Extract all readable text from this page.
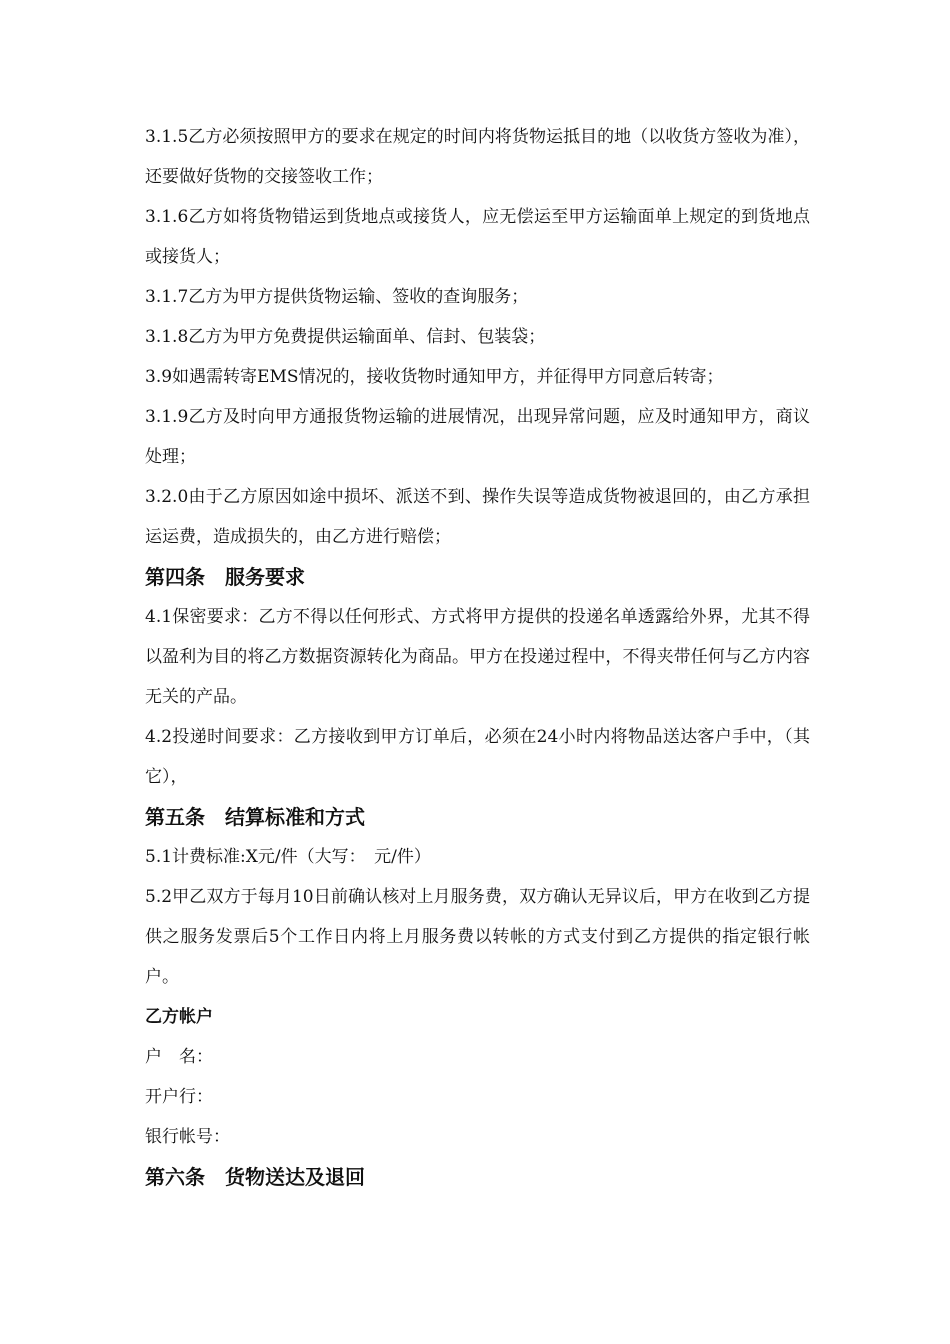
3.1.5乙方必须按照甲方的要求在规定的时间内将货物运抵目的地（以收货方签收为准），还要做好货物的交接签收工作；

3.1.6乙方如将货物错运到货地点或接货人，应无偿运至甲方运输面单上规定的到货地点或接货人；

3.1.7乙方为甲方提供货物运输、签收的查询服务；

3.1.8乙方为甲方免费提供运输面单、信封、包装袋；

3.9如遇需转寄EMS情况的，接收货物时通知甲方，并征得甲方同意后转寄；

3.1.9乙方及时向甲方通报货物运输的进展情况，出现异常问题，应及时通知甲方，商议处理；

3.2.0由于乙方原因如途中损坏、派送不到、操作失误等造成货物被退回的，由乙方承担运运费，造成损失的，由乙方进行赔偿；

第四条　服务要求

4.1保密要求：乙方不得以任何形式、方式将甲方提供的投递名单透露给外界，尤其不得以盈利为目的将乙方数据资源转化为商品。甲方在投递过程中，不得夹带任何与乙方内容无关的产品。

4.2投递时间要求：乙方接收到甲方订单后，必须在24小时内将物品送达客户手中，（其它），

第五条　结算标准和方式

5.1计费标准:X元/件（大写：　元/件）

5.2甲乙双方于每月10日前确认核对上月服务费，双方确认无异议后，甲方在收到乙方提供之服务发票后5个工作日内将上月服务费以转帐的方式支付到乙方提供的指定银行帐户。

乙方帐户

户　名：

开户行：

银行帐号：

第六条　货物送达及退回
